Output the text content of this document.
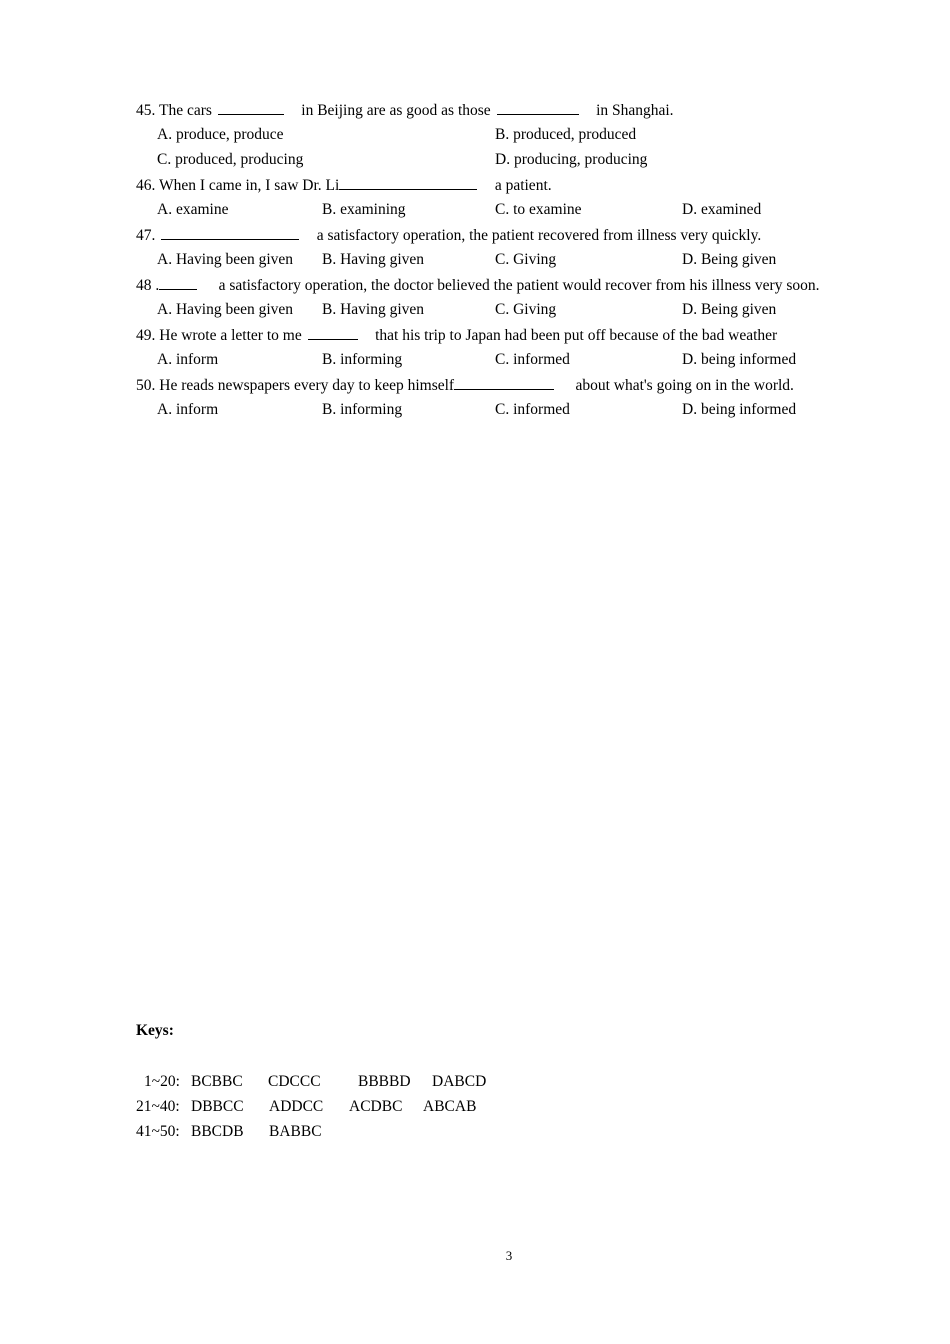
45. The cars	in Beijing are as good as those	in Shanghai.
A. produce, produce	B. produced, produced
C. produced, producing	D. producing, producing
46. When I came in, I saw Dr. Li	a patient.
A. examine	B. examining	C. to examine	D. examined
47.	a satisfactory operation, the patient recovered from illness very quickly.
A. Having been given B. Having given	C. Giving	D. Being given
48 .	a satisfactory operation, the doctor believed the patient would recover from his illness very soon.
A. Having been given B. Having given	C. Giving	D. Being given
49. He wrote a letter to me	that his trip to Japan had been put off because of the bad weather
A. inform	B. informing	C. informed	D. being informed
50. He reads newspapers every day to keep himself	about what's going on in the world.
A. inform	B. informing	C. informed	D. being informed
Keys:
1~20: BCBBC CDCCC BBBBD DABCD
21~40: DBBCC ADDCC ACDBC ABCAB
41~50: BBCDB BABBC
3
